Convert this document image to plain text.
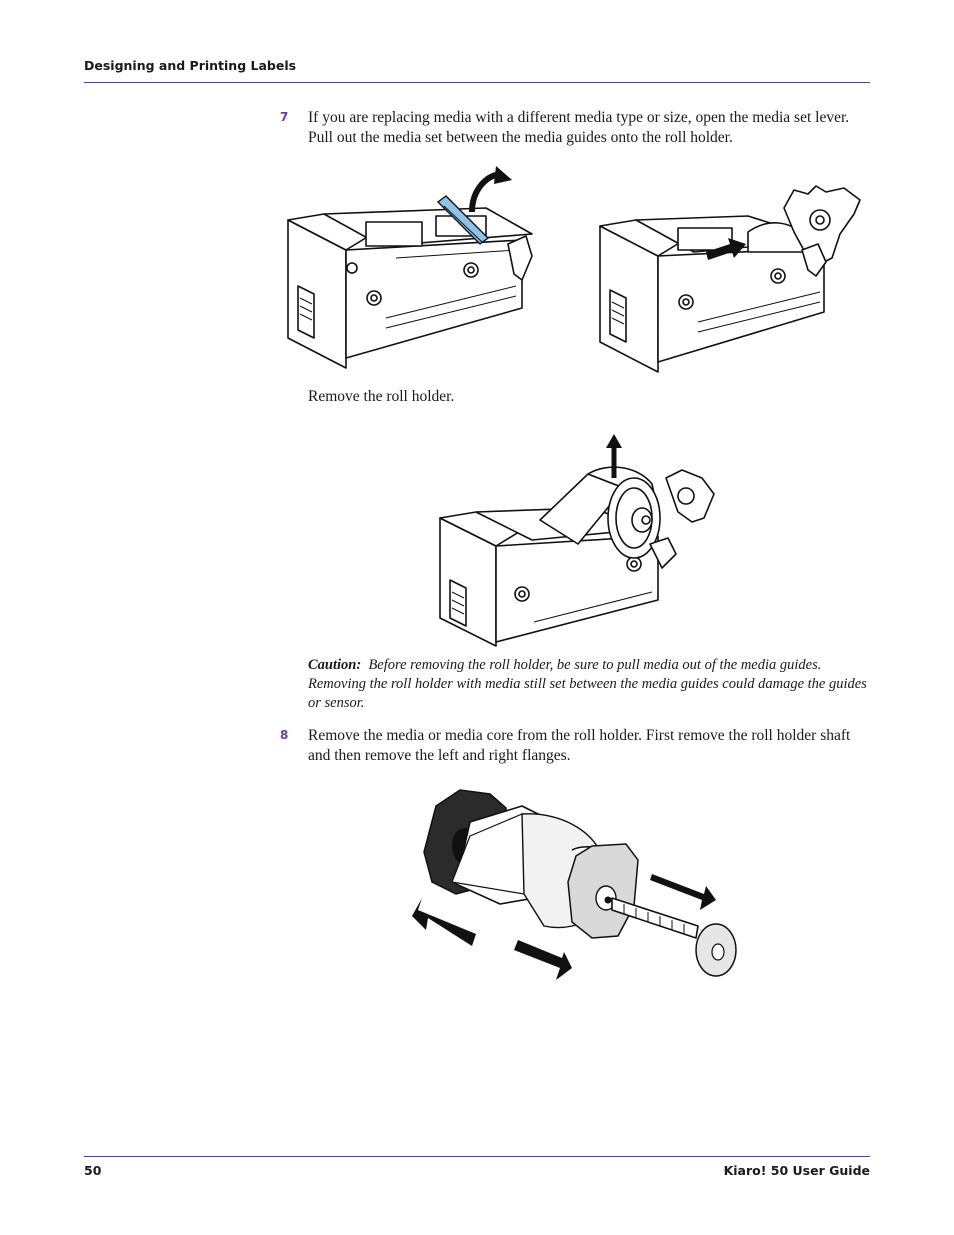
Designing and Printing Labels
7 If you are replacing media with a different media type or size, open the media set lever. Pull out the media set between the media guides onto the roll holder.
Remove the roll holder.
Caution: Before removing the roll holder, be sure to pull media out of the media guides. Removing the roll holder with media still set between the media guides could damage the guides or sensor.
8 Remove the media or media core from the roll holder. First remove the roll holder shaft and then remove the left and right flanges.
50	Kiaro! 50 User Guide
